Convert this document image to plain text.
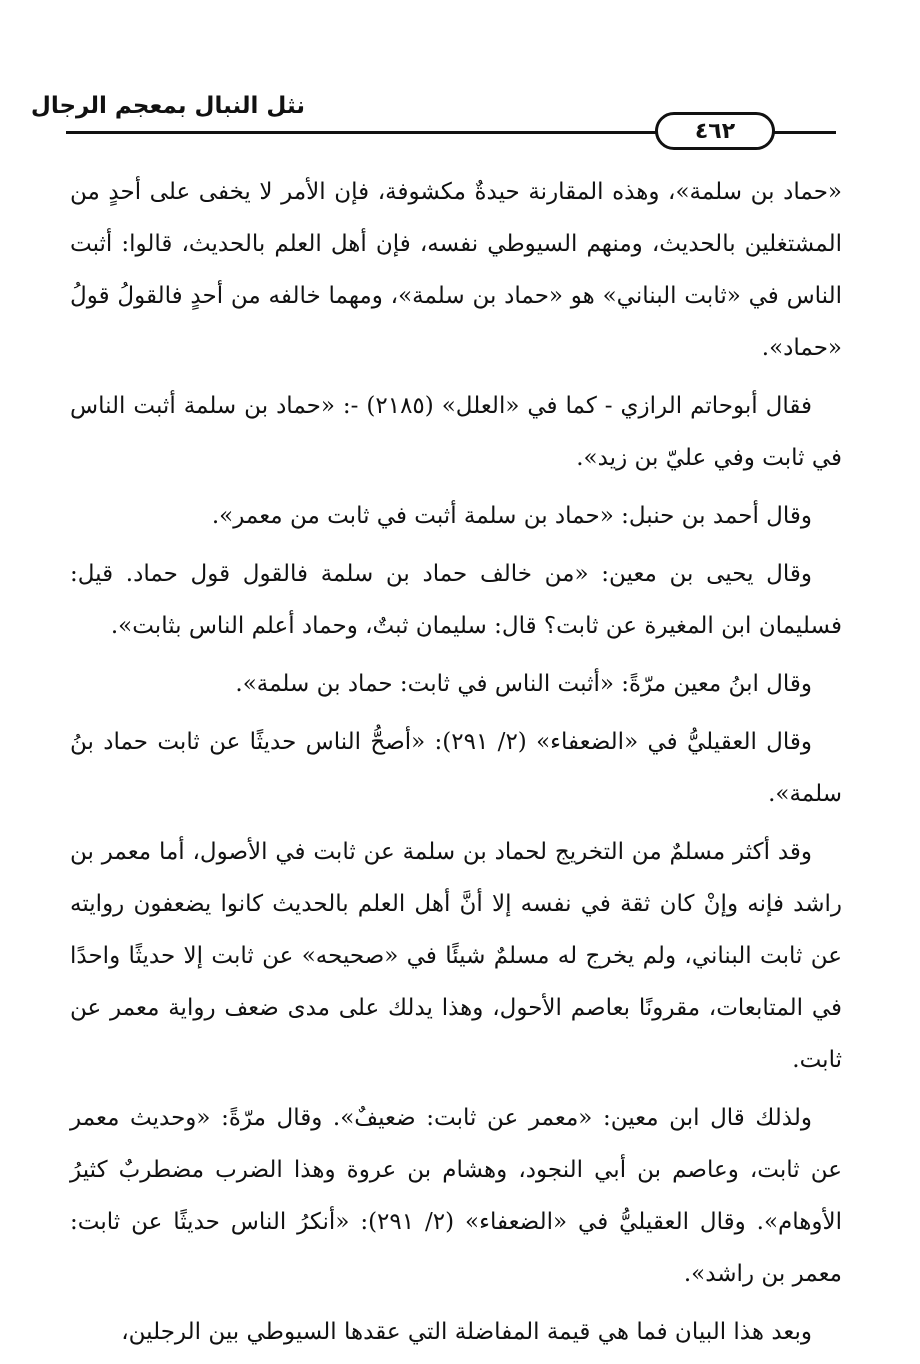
نثل النبال بمعجم الرجال
٤٦٢

«حماد بن سلمة»، وهذه المقارنة حيدةٌ مكشوفة، فإن الأمر لا يخفى على أحدٍ من المشتغلين بالحديث، ومنهم السيوطي نفسه، فإن أهل العلم بالحديث، قالوا: أثبت الناس في «ثابت البناني» هو «حماد بن سلمة»، ومهما خالفه من أحدٍ فالقولُ قولُ «حماد».

فقال أبوحاتم الرازي - كما في «العلل» (٢١٨٥) -: «حماد بن سلمة أثبت الناس في ثابت وفي عليّ بن زيد».

وقال أحمد بن حنبل: «حماد بن سلمة أثبت في ثابت من معمر».

وقال يحيى بن معين: «من خالف حماد بن سلمة فالقول قول حماد. قيل: فسليمان ابن المغيرة عن ثابت؟ قال: سليمان ثبتٌ، وحماد أعلم الناس بثابت».

وقال ابنُ معين مرّةً: «أثبت الناس في ثابت: حماد بن سلمة».

وقال العقيليُّ في «الضعفاء» (٢/ ٢٩١): «أصحُّ الناس حديثًا عن ثابت حماد بنُ سلمة».

وقد أكثر مسلمٌ من التخريج لحماد بن سلمة عن ثابت في الأصول، أما معمر بن راشد فإنه وإنْ كان ثقة في نفسه إلا أنَّ أهل العلم بالحديث كانوا يضعفون روايته عن ثابت البناني، ولم يخرج له مسلمٌ شيئًا في «صحيحه» عن ثابت إلا حديثًا واحدًا في المتابعات، مقرونًا بعاصم الأحول، وهذا يدلك على مدى ضعف رواية معمر عن ثابت.

ولذلك قال ابن معين: «معمر عن ثابت: ضعيفٌ». وقال مرّةً: «وحديث معمر عن ثابت، وعاصم بن أبي النجود، وهشام بن عروة وهذا الضرب مضطربٌ كثيرُ الأوهام». وقال العقيليُّ في «الضعفاء» (٢/ ٢٩١): «أنكرُ الناس حديثًا عن ثابت: معمر بن راشد».

وبعد هذا البيان فما هي قيمة المفاضلة التي عقدها السيوطي بين الرجلين،
